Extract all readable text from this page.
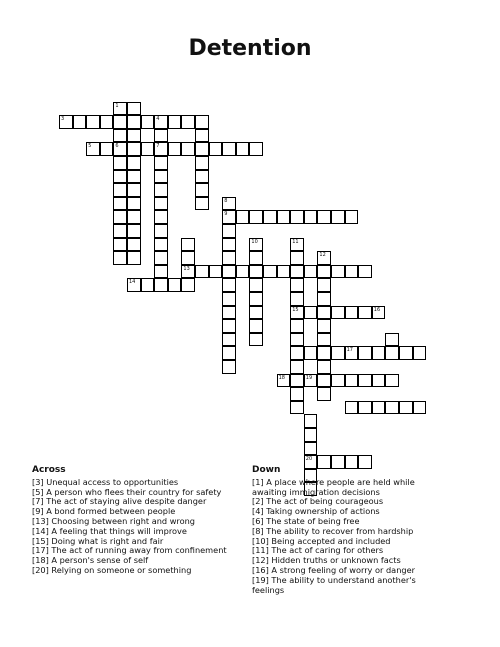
Detention
1
3	4
5	6	7
8
9
10	11
12
13
14
15	16
17
18	19
20
Across

[3] Unequal access to opportunities

[5] A person who flees their country for safety

[7] The act of staying alive despite danger

[9] A bond formed between people

[13] Choosing between right and wrong

[14] A feeling that things will improve

[15] Doing what is right and fair

[17] The act of running away from confinement

[18] A person's sense of self

[20] Relying on someone or something

Down

[1] A place where people are held while awaiting immigration decisions

[2] The act of being courageous

[4] Taking ownership of actions

[6] The state of being free

[8] The ability to recover from hardship

[10] Being accepted and included

[11] The act of caring for others

[12] Hidden truths or unknown facts

[16] A strong feeling of worry or danger

[19] The ability to understand another's feelings
